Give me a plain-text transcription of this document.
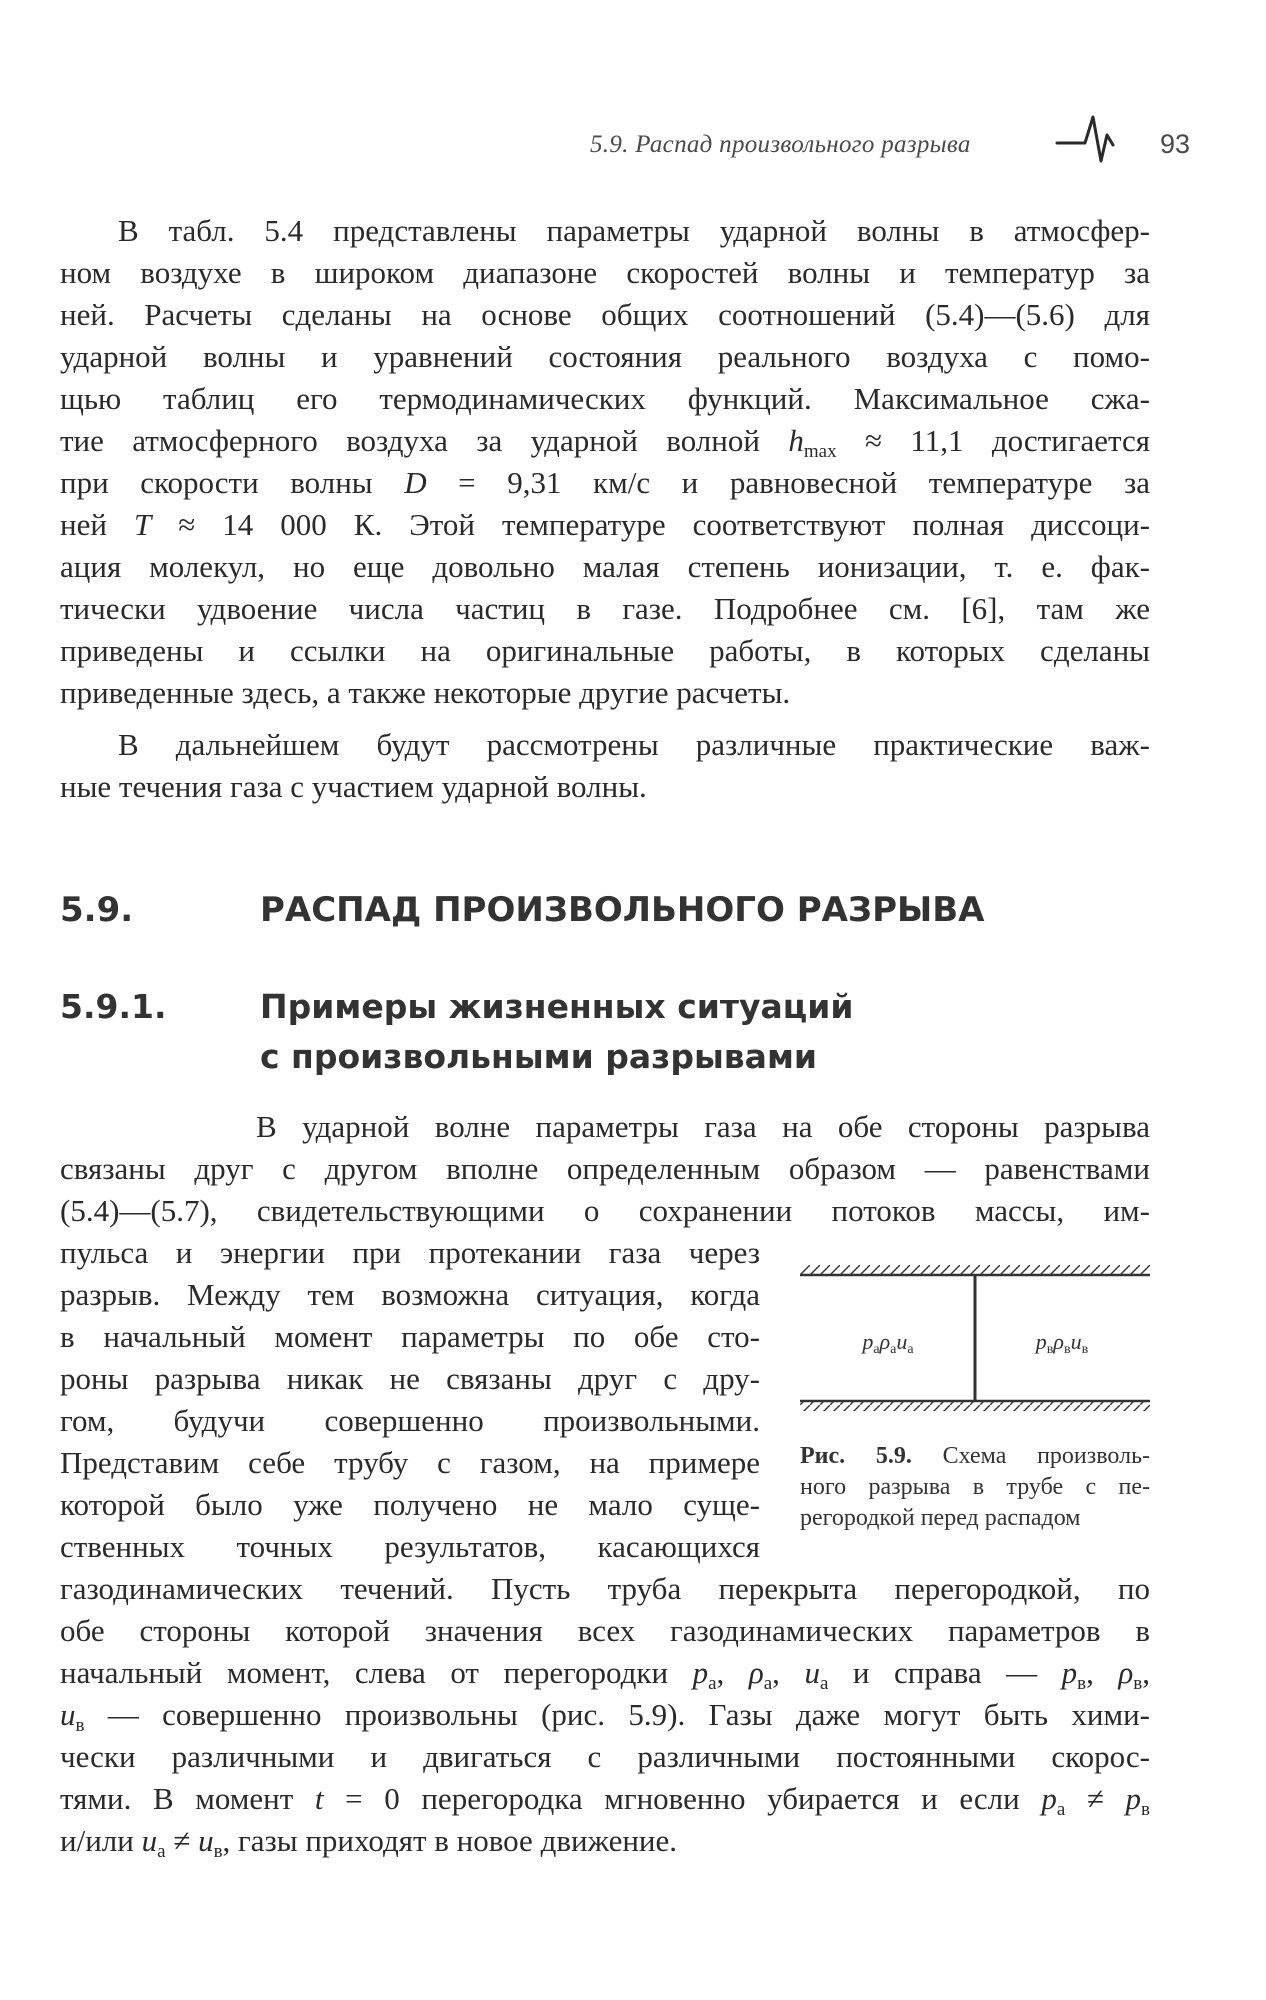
5.9. Распад произвольного разрыва	93
В табл. 5.4 представлены параметры ударной волны в атмосфер-
ном воздухе в широком диапазоне скоростей волны и температур за
ней. Расчеты сделаны на основе общих соотношений (5.4)—(5.6) для
ударной волны и уравнений состояния реального воздуха с помо-
щью таблиц его термодинамических функций. Максимальное сжа-
тие атмосферного воздуха за ударной волной $h_{max} \approx 11,1$ достигается
при скорости волны D = 9,31 км/с и равновесной температуре за
ней T ≈ 14 000 К. Этой температуре соответствуют полная диссоци-
ация молекул, но еще довольно малая степень ионизации, т. е. фак-
тически удвоение числа частиц в газе. Подробнее см. [6], там же
приведены и ссылки на оригинальные работы, в которых сделаны
приведенные здесь, а также некоторые другие расчеты.
В дальнейшем будут рассмотрены различные практические важ-
ные течения газа с участием ударной волны.
5.9.	РАСПАД ПРОИЗВОЛЬНОГО РАЗРЫВА
5.9.1.	Примеры жизненных ситуаций
с произвольными разрывами
В ударной волне параметры газа на обе стороны разрыва
связаны друг с другом вполне определенным образом — равенствами
(5.4)—(5.7), свидетельствующими о сохранении потоков массы, им-
пульса и энергии при протекании газа через
разрыв. Между тем возможна ситуация, когда
в начальный момент параметры по обе сто-
роны разрыва никак не связаны друг с дру-
гом, будучи совершенно произвольными.
Представим себе трубу с газом, на примере
которой было уже получено не мало суще-
ственных точных результатов, касающихся
газодинамических течений. Пусть труба перекрыта перегородкой, по
обе стороны которой значения всех газодинамических параметров в
начальный момент, слева от перегородки $p_а$, $\rho_а$, $u_а$ и справа — $p_в$, $\rho_в$,
$u_в$ — совершенно произвольны (рис. 5.9). Газы даже могут быть хими-
чески различными и двигаться с различными постоянными скорос-
тями. В момент t = 0 перегородка мгновенно убирается и если $p_а \ne p_в$
и/или $u_а \ne u_в$, газы приходят в новое движение.
pаρаuа	pвρвuв
Рис. 5.9. Схема произволь-
ного разрыва в трубе с пе-
регородкой перед распадом
